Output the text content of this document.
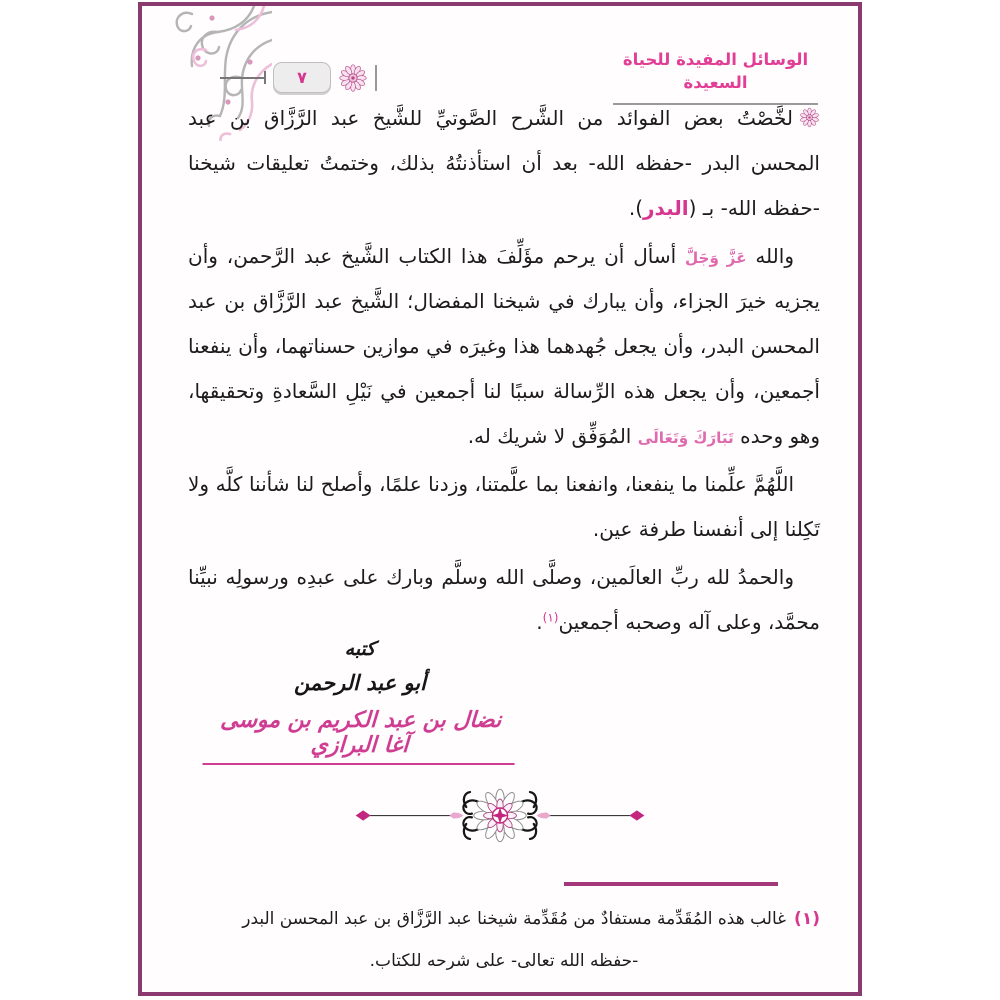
الوسائل المفيدة للحياة السعيدة
٧

لخَّصْتُ بعض الفوائد من الشَّرح الصَّوتيِّ للشَّيخ عبد الرَّزَّاق بن عبد المحسن البدر -حفظه الله- بعد أن استأذنتُهُ بذلك، وختمتُ تعليقات شيخنا -حفظه الله- بـ (البدر).

والله عَزَّ وَجَلَّ أسأل أن يرحم مؤَلِّفَ هذا الكتاب الشَّيخ عبد الرَّحمن، وأن يجزيه خيرَ الجزاء، وأن يبارك في شيخنا المفضال؛ الشَّيخ عبد الرَّزَّاق بن عبد المحسن البدر، وأن يجعل جُهدهما هذا وغيرَه في موازين حسناتهما، وأن ينفعنا أجمعين، وأن يجعل هذه الرِّسالة سببًا لنا أجمعين في نَيْلِ السَّعادةِ وتحقيقها، وهو وحده تَبَارَكَ وَتَعَالَى المُوَفِّق لا شريك له.

اللَّهُمَّ علِّمنا ما ينفعنا، وانفعنا بما علَّمتنا، وزدنا علمًا، وأصلح لنا شأننا كلَّه ولا تَكِلنا إلى أنفسنا طرفة عين.

والحمدُ لله ربِّ العالَمين، وصلَّى الله وسلَّم وبارك على عبدِه ورسولِه نبيِّنا محمَّد، وعلى آله وصحبه أجمعين$^{(١)}$.

كتبه
أبو عبد الرحمن
نضال بن عبد الكريم بن موسى آغا البرازي

(١)غالب هذه المُقَدِّمة مستفادٌ من مُقَدِّمة شيخنا عبد الرَّزَّاق بن عبد المحسن البدر

-حفظه الله تعالى- على شرحه للكتاب.
